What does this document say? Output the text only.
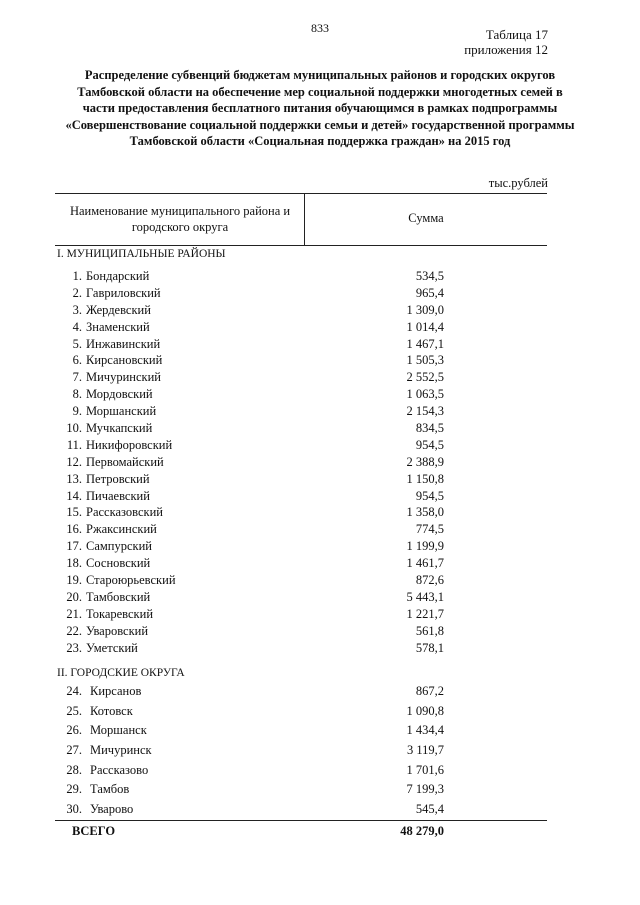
833	Таблица 17
приложения 12
Распределение субвенций бюджетам муниципальных районов и городских округов Тамбовской области на обеспечение мер социальной поддержки многодетных семей в части предоставления бесплатного питания обучающимся в рамках подпрограммы «Совершенствование социальной поддержки семьи и детей» государственной программы Тамбовской области «Социальная поддержка граждан» на 2015 год
тыс.рублей
Наименование муниципального района и городского округа
Сумма
I. МУНИЦИПАЛЬНЫЕ РАЙОНЫ
1. Бондарский	534,5
2. Гавриловский	965,4
3. Жердевский	1 309,0
4. Знаменский	1 014,4
5. Инжавинский	1 467,1
6. Кирсановский	1 505,3
7. Мичуринский	2 552,5
8. Мордовский	1 063,5
9. Моршанский	2 154,3
10. Мучкапский	834,5
11. Никифоровский	954,5
12. Первомайский	2 388,9
13. Петровский	1 150,8
14. Пичаевский	954,5
15. Рассказовский	1 358,0
16. Ржаксинский	774,5
17. Сампурский	1 199,9
18. Сосновский	1 461,7
19. Староюрьевский	872,6
20. Тамбовский	5 443,1
21. Токаревский	1 221,7
22. Уваровский	561,8
23. Уметский	578,1
II. ГОРОДСКИЕ ОКРУГА
24. Кирсанов	867,2
25. Котовск	1 090,8
26. Моршанск	1 434,4
27. Мичуринск	3 119,7
28. Рассказово	1 701,6
29. Тамбов	7 199,3
30. Уварово	545,4
ВСЕГО	48 279,0
